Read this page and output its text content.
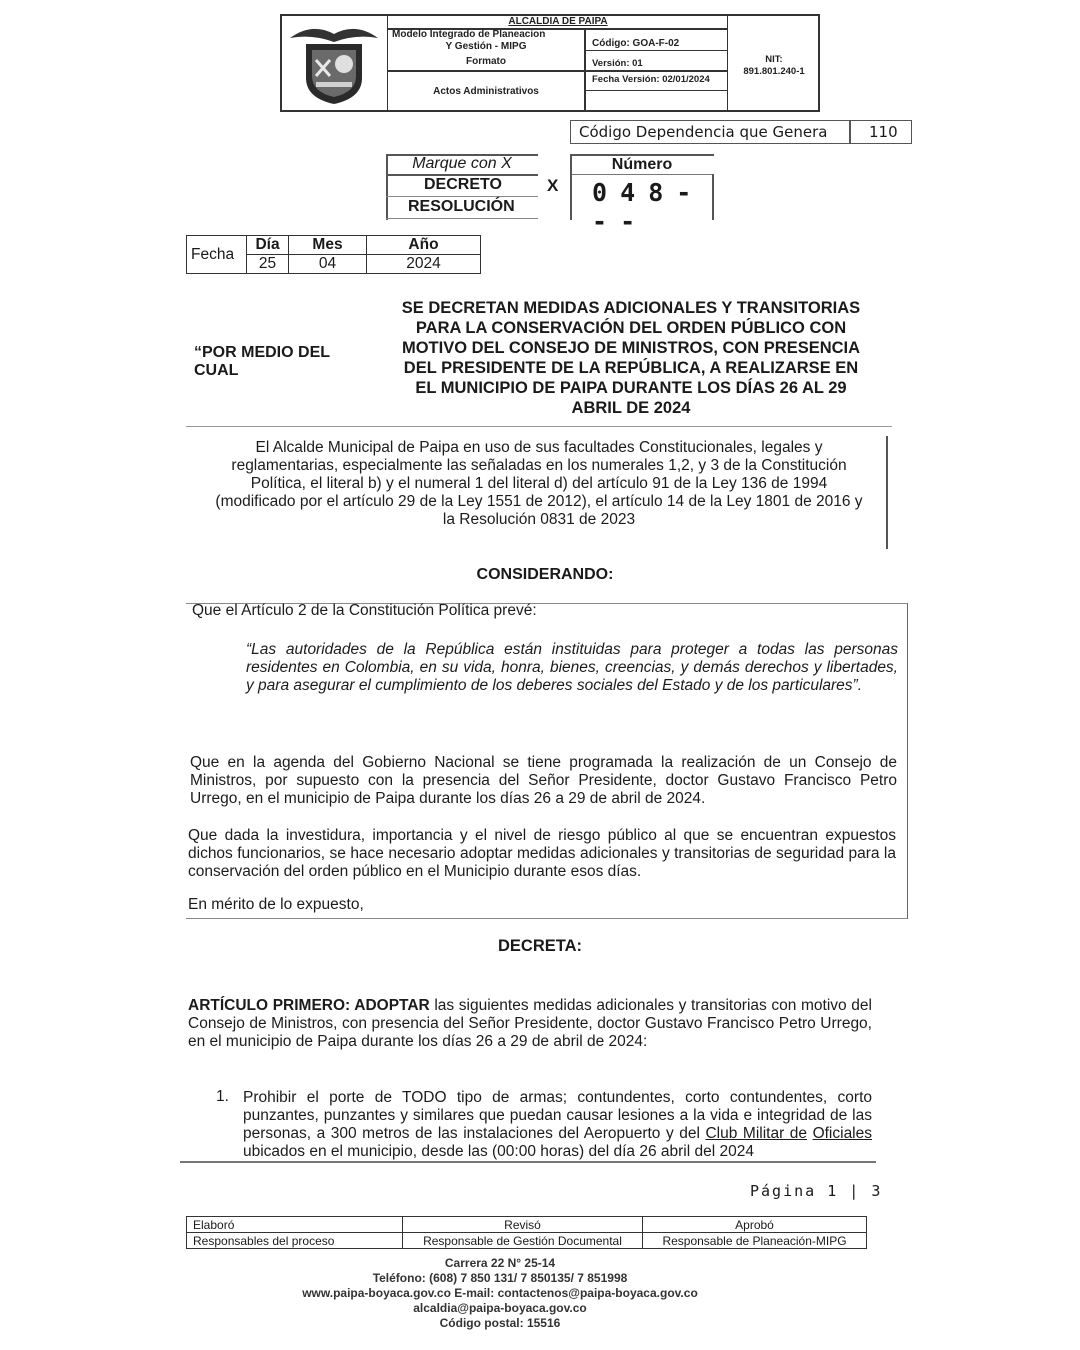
ALCALDIA DE PAIPA
Modelo Integrado de Planeacion
Y Gestión - MIPG
Formato
Actos Administrativos
Código: GOA-F-02
Versión: 01
Fecha Versión: 02/01/2024
NIT:
891.801.240-1
Código Dependencia que Genera	110
Marque con X
DECRETO
RESOLUCIÓN
X
Número
0 4 8 - - -
Fecha	Día	Mes	Año
	25	04	2024
“POR MEDIO DEL CUAL
SE DECRETAN MEDIDAS ADICIONALES Y TRANSITORIAS
PARA LA CONSERVACIÓN DEL ORDEN PÚBLICO CON
MOTIVO DEL CONSEJO DE MINISTROS, CON PRESENCIA
DEL PRESIDENTE DE LA REPÚBLICA, A REALIZARSE EN
EL MUNICIPIO DE PAIPA DURANTE LOS DÍAS 26 AL 29
ABRIL DE 2024
El Alcalde Municipal de Paipa en uso de sus facultades Constitucionales, legales y
reglamentarias, especialmente las señaladas en los numerales 1,2, y 3 de la Constitución
Política, el literal b) y el numeral 1 del literal d) del artículo 91 de la Ley 136 de 1994
(modificado por el artículo 29 de la Ley 1551 de 2012), el artículo 14 de la Ley 1801 de 2016 y
la Resolución 0831 de 2023
CONSIDERANDO:
Que el Artículo 2 de la Constitución Política prevé:
“Las autoridades de la República están instituidas para proteger a todas las personas residentes en Colombia, en su vida, honra, bienes, creencias, y demás derechos y libertades, y para asegurar el cumplimiento de los deberes sociales del Estado y de los particulares”.
Que en la agenda del Gobierno Nacional se tiene programada la realización de un Consejo de Ministros, por supuesto con la presencia del Señor Presidente, doctor Gustavo Francisco Petro Urrego, en el municipio de Paipa durante los días 26 a 29 de abril de 2024.
Que dada la investidura, importancia y el nivel de riesgo público al que se encuentran expuestos dichos funcionarios, se hace necesario adoptar medidas adicionales y transitorias de seguridad para la conservación del orden público en el Municipio durante esos días.
En mérito de lo expuesto,
DECRETA:
ARTÍCULO PRIMERO: ADOPTAR las siguientes medidas adicionales y transitorias con motivo del Consejo de Ministros, con presencia del Señor Presidente, doctor Gustavo Francisco Petro Urrego, en el municipio de Paipa durante los días 26 a 29 de abril de 2024:
1. Prohibir el porte de TODO tipo de armas; contundentes, corto contundentes, corto punzantes, punzantes y similares que puedan causar lesiones a la vida e integridad de las personas, a 300 metros de las instalaciones del Aeropuerto y del Club Militar de Oficiales ubicados en el municipio, desde las (00:00 horas) del día 26 abril del 2024
Página 1 | 3
Elaboró	Revisó	Aprobó
Responsables del proceso	Responsable de Gestión Documental	Responsable de Planeación-MIPG
Carrera 22 N° 25-14
Teléfono: (608) 7 850 131/ 7 850135/ 7 851998
www.paipa-boyaca.gov.co E-mail: contactenos@paipa-boyaca.gov.co
alcaldia@paipa-boyaca.gov.co
Código postal: 15516
